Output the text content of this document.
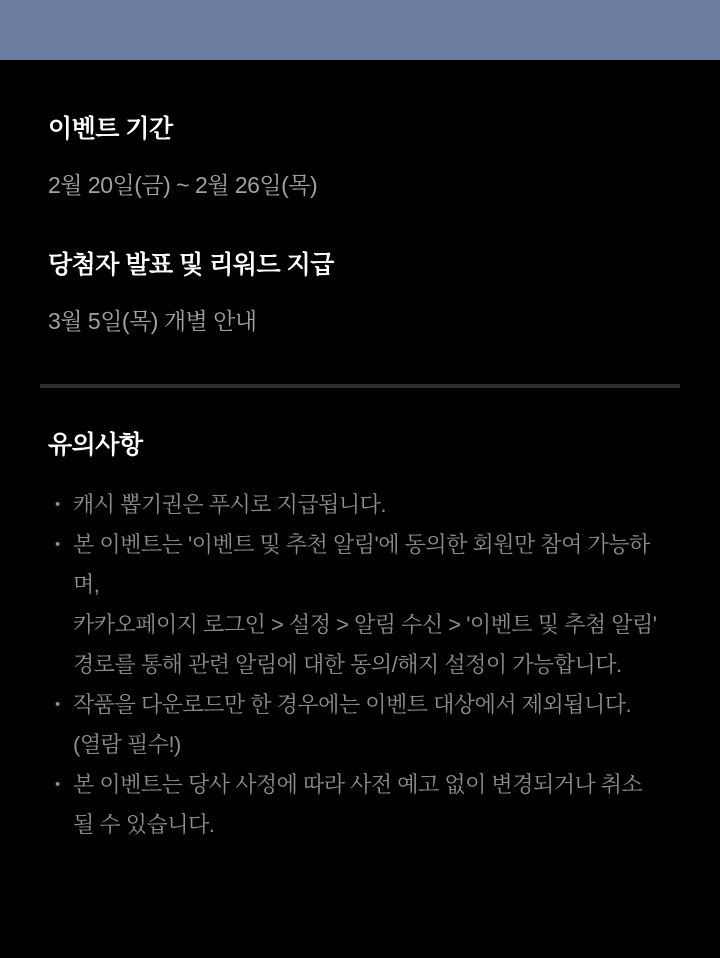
이벤트 기간

2월 20일(금) ~ 2월 26일(목)

당첨자 발표 및 리워드 지급

3월 5일(목) 개별 안내

유의사항
• 캐시 뽑기권은 푸시로 지급됩니다.
• 본 이벤트는 '이벤트 및 추천 알림'에 동의한 회원만 참여 가능하며,
카카오페이지 로그인 > 설정 > 알림 수신 > '이벤트 및 추첨 알림'
경로를 통해 관련 알림에 대한 동의/해지 설정이 가능합니다.
• 작품을 다운로드만 한 경우에는 이벤트 대상에서 제외됩니다.
(열람 필수!)
• 본 이벤트는 당사 사정에 따라 사전 예고 없이 변경되거나 취소
될 수 있습니다.
